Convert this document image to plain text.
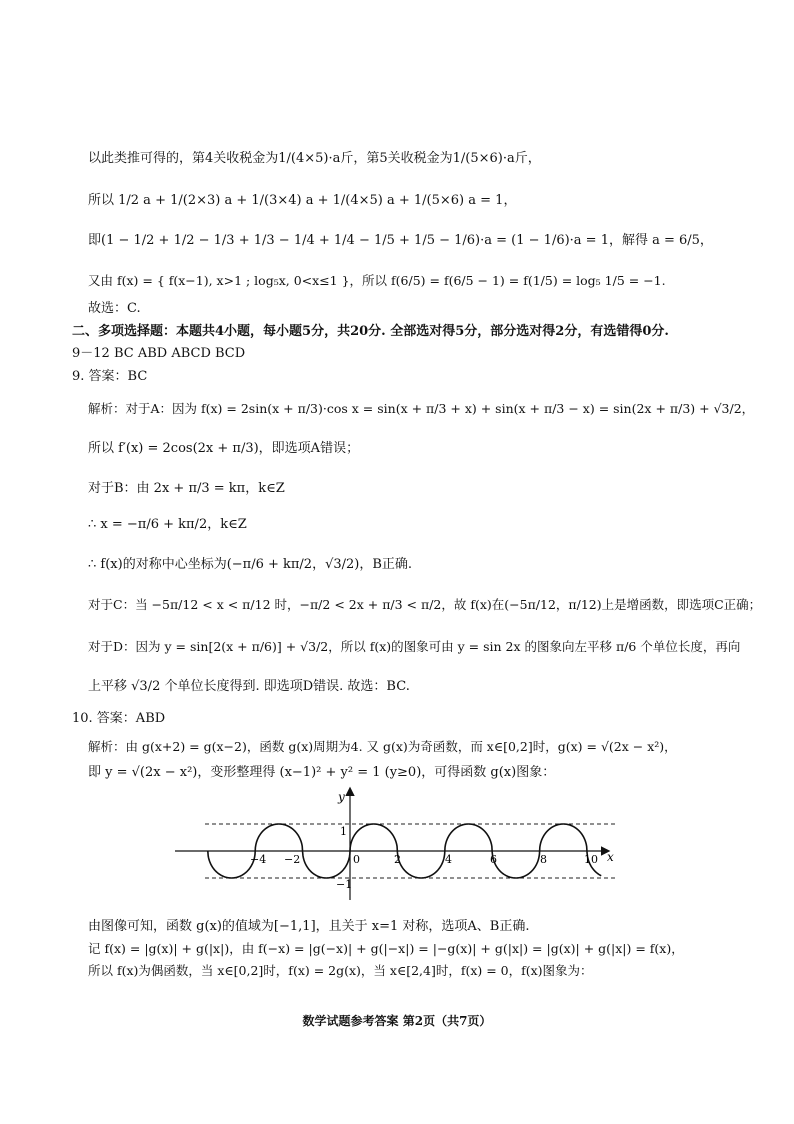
以此类推可得的，第4关收税金为1/(4×5)·a斤，第5关收税金为1/(5×6)·a斤，
所以 1/2 a + 1/(2×3) a + 1/(3×4) a + 1/(4×5) a + 1/(5×6) a = 1，
即(1 − 1/2 + 1/2 − 1/3 + 1/3 − 1/4 + 1/4 − 1/5 + 1/5 − 1/6)·a = (1 − 1/6)·a = 1，解得 a = 6/5，
又由 f(x) = { f(x−1), x>1 ; log₅x, 0<x≤1 }，所以 f(6/5) = f(6/5 − 1) = f(1/5) = log₅ 1/5 = −1.
故选：C.
二、多项选择题：本题共4小题，每小题5分，共20分. 全部选对得5分，部分选对得2分，有选错得0分.
9－12 BC ABD ABCD BCD
9. 答案：BC
解析：对于A：因为 f(x) = 2sin(x + π/3)·cos x = sin(x + π/3 + x) + sin(x + π/3 − x) = sin(2x + π/3) + √3/2，
所以 f′(x) = 2cos(2x + π/3)，即选项A错误；
对于B：由 2x + π/3 = kπ，k∈Z
∴ x = −π/6 + kπ/2，k∈Z
∴ f(x)的对称中心坐标为(−π/6 + kπ/2，√3/2)，B正确.
对于C：当 −5π/12 < x < π/12 时，−π/2 < 2x + π/3 < π/2，故 f(x)在(−5π/12，π/12)上是增函数，即选项C正确；
对于D：因为 y = sin[2(x + π/6)] + √3/2，所以 f(x)的图象可由 y = sin 2x 的图象向左平移 π/6 个单位长度，再向
上平移 √3/2 个单位长度得到. 即选项D错误. 故选：BC.
10. 答案：ABD
解析：由 g(x+2) = g(x−2)，函数 g(x)周期为4. 又 g(x)为奇函数，而 x∈[0,2]时，g(x) = √(2x − x²)，
即 y = √(2x − x²)，变形整理得 (x−1)² + y² = 1 (y≥0)，可得函数 g(x)图象：
y
x
−4 −2	0	2	4	6	8	10
1
−1
由图像可知，函数 g(x)的值域为[−1,1]，且关于 x=1 对称，选项A、B正确.
记 f(x) = |g(x)| + g(|x|)，由 f(−x) = |g(−x)| + g(|−x|) = |−g(x)| + g(|x|) = |g(x)| + g(|x|) = f(x)，
所以 f(x)为偶函数，当 x∈[0,2]时，f(x) = 2g(x)，当 x∈[2,4]时，f(x) = 0，f(x)图象为：
数学试题参考答案 第2页（共7页）
